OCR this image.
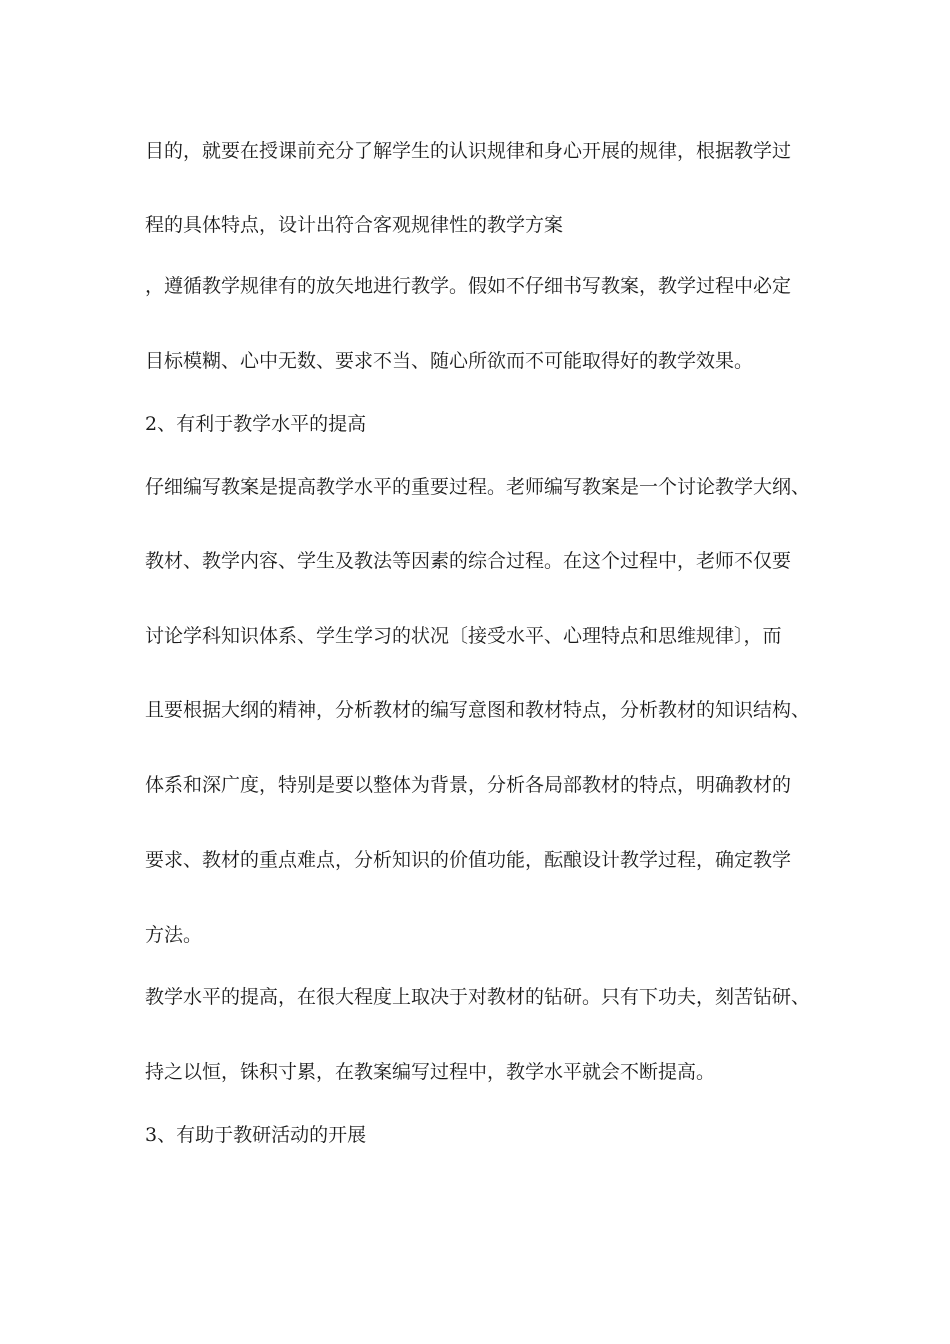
目的，就要在授课前充分了解学生的认识规律和身心开展的规律，根据教学过
程的具体特点，设计出符合客观规律性的教学方案
，遵循教学规律有的放矢地进行教学。假如不仔细书写教案，教学过程中必定
目标模糊、心中无数、要求不当、随心所欲而不可能取得好的教学效果。
2、有利于教学水平的提高
仔细编写教案是提高教学水平的重要过程。老师编写教案是一个讨论教学大纲、
教材、教学内容、学生及教法等因素的综合过程。在这个过程中，老师不仅要
讨论学科知识体系、学生学习的状况〔接受水平、心理特点和思维规律〕，而
且要根据大纲的精神，分析教材的编写意图和教材特点，分析教材的知识结构、
体系和深广度，特别是要以整体为背景，分析各局部教材的特点，明确教材的
要求、教材的重点难点，分析知识的价值功能，酝酿设计教学过程，确定教学
方法。
教学水平的提高，在很大程度上取决于对教材的钻研。只有下功夫，刻苦钻研、
持之以恒，铢积寸累，在教案编写过程中，教学水平就会不断提高。
3、有助于教研活动的开展
